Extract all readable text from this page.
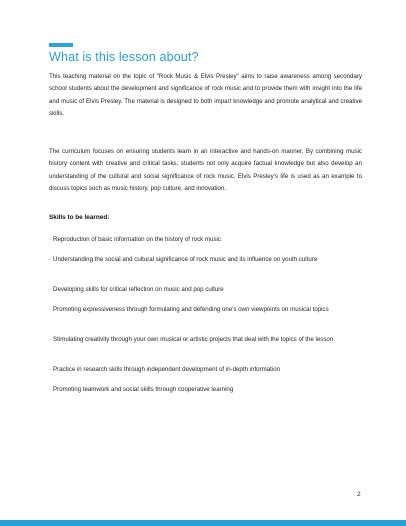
What is this lesson about?

This teaching material on the topic of "Rock Music & Elvis Presley" aims to raise awareness among secondary school students about the development and significance of rock music and to provide them with insight into the life and music of Elvis Presley. The material is designed to both impart knowledge and promote analytical and creative skills.

The curriculum focuses on ensuring students learn in an interactive and hands-on manner. By combining music history content with creative and critical tasks, students not only acquire factual knowledge but also develop an understanding of the cultural and social significance of rock music. Elvis Presley's life is used as an example to discuss topics such as music history, pop culture, and innovation.

Skills to be learned:

- Reproduction of basic information on the history of rock music

- Understanding the social and cultural significance of rock music and its influence on youth culture

- Developing skills for critical reflection on music and pop culture

- Promoting expressiveness through formulating and defending one's own viewpoints on musical topics

- Stimulating creativity through your own musical or artistic projects that deal with the topics of the lesson

- Practice in research skills through independent development of in-depth information

- Promoting teamwork and social skills through cooperative learning

2
